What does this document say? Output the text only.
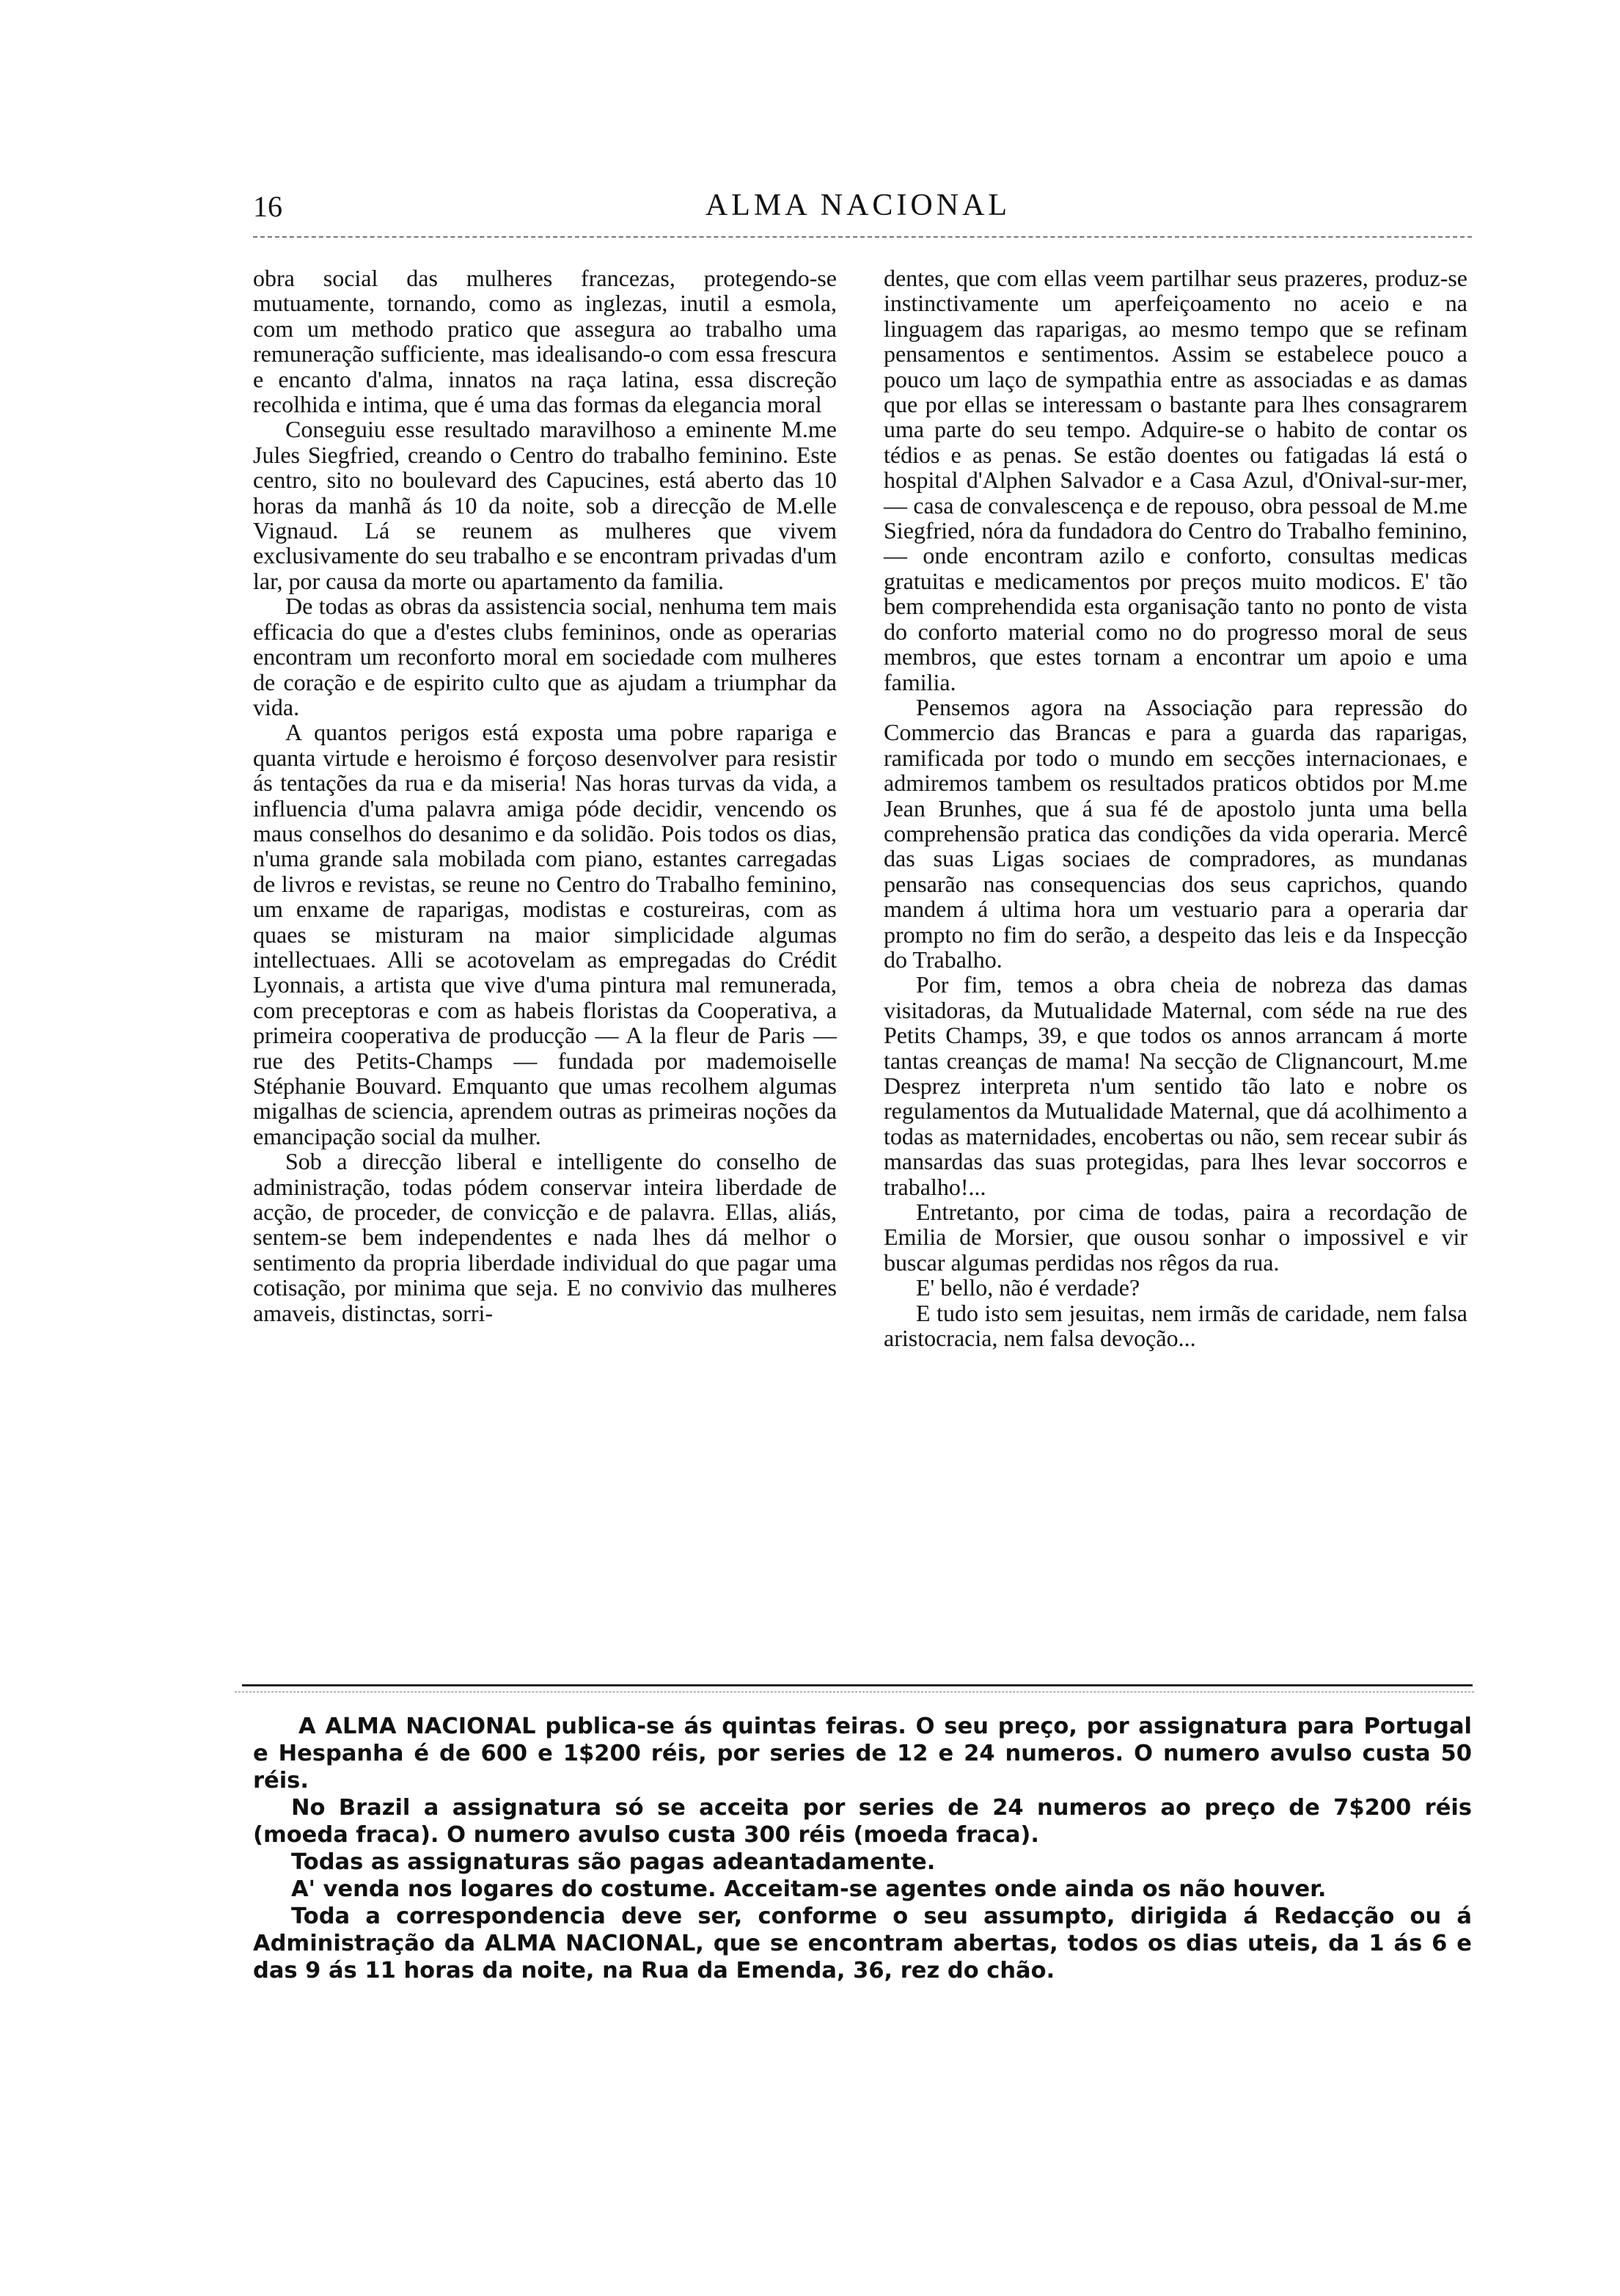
16	ALMA NACIONAL

obra social das mulheres francezas, protegendo-se mutuamente, tornando, como as inglezas, inutil a esmola, com um methodo pratico que assegura ao trabalho uma remuneração sufficiente, mas idealisando-o com essa frescura e encanto d'alma, innatos na raça latina, essa discreção recolhida e intima, que é uma das formas da elegancia moral

Conseguiu esse resultado maravilhoso a eminente M.me Jules Siegfried, creando o Centro do trabalho feminino. Este centro, sito no boulevard des Capucines, está aberto das 10 horas da manhã ás 10 da noite, sob a direcção de M.elle Vignaud. Lá se reunem as mulheres que vivem exclusivamente do seu trabalho e se encontram privadas d'um lar, por causa da morte ou apartamento da familia.

De todas as obras da assistencia social, nenhuma tem mais efficacia do que a d'estes clubs femininos, onde as operarias encontram um reconforto moral em sociedade com mulheres de coração e de espirito culto que as ajudam a triumphar da vida.

A quantos perigos está exposta uma pobre rapariga e quanta virtude e heroismo é forçoso desenvolver para resistir ás tentações da rua e da miseria! Nas horas turvas da vida, a influencia d'uma palavra amiga póde decidir, vencendo os maus conselhos do desanimo e da solidão. Pois todos os dias, n'uma grande sala mobilada com piano, estantes carregadas de livros e revistas, se reune no Centro do Trabalho feminino, um enxame de raparigas, modistas e costureiras, com as quaes se misturam na maior simplicidade algumas intellectuaes. Alli se acotovelam as empregadas do Crédit Lyonnais, a artista que vive d'uma pintura mal remunerada, com preceptoras e com as habeis floristas da Cooperativa, a primeira cooperativa de producção — A la fleur de Paris — rue des Petits-Champs — fundada por mademoiselle Stéphanie Bouvard. Emquanto que umas recolhem algumas migalhas de sciencia, aprendem outras as primeiras noções da emancipação social da mulher.

Sob a direcção liberal e intelligente do conselho de administração, todas pódem conservar inteira liberdade de acção, de proceder, de convicção e de palavra. Ellas, aliás, sentem-se bem independentes e nada lhes dá melhor o sentimento da propria liberdade individual do que pagar uma cotisação, por minima que seja. E no convivio das mulheres amaveis, distinctas, sorri-

dentes, que com ellas veem partilhar seus prazeres, produz-se instinctivamente um aperfeiçoamento no aceio e na linguagem das raparigas, ao mesmo tempo que se refinam pensamentos e sentimentos. Assim se estabelece pouco a pouco um laço de sympathia entre as associadas e as damas que por ellas se interessam o bastante para lhes consagrarem uma parte do seu tempo. Adquire-se o habito de contar os tédios e as penas. Se estão doentes ou fatigadas lá está o hospital d'Alphen Salvador e a Casa Azul, d'Onival-sur-mer, — casa de convalescença e de repouso, obra pessoal de M.me Siegfried, nóra da fundadora do Centro do Trabalho feminino, — onde encontram azilo e conforto, consultas medicas gratuitas e medicamentos por preços muito modicos. E' tão bem comprehendida esta organisação tanto no ponto de vista do conforto material como no do progresso moral de seus membros, que estes tornam a encontrar um apoio e uma familia.

Pensemos agora na Associação para repressão do Commercio das Brancas e para a guarda das raparigas, ramificada por todo o mundo em secções internacionaes, e admiremos tambem os resultados praticos obtidos por M.me Jean Brunhes, que á sua fé de apostolo junta uma bella comprehensão pratica das condições da vida operaria. Mercê das suas Ligas sociaes de compradores, as mundanas pensarão nas consequencias dos seus caprichos, quando mandem á ultima hora um vestuario para a operaria dar prompto no fim do serão, a despeito das leis e da Inspecção do Trabalho.

Por fim, temos a obra cheia de nobreza das damas visitadoras, da Mutualidade Maternal, com séde na rue des Petits Champs, 39, e que todos os annos arrancam á morte tantas creanças de mama! Na secção de Clignancourt, M.me Desprez interpreta n'um sentido tão lato e nobre os regulamentos da Mutualidade Maternal, que dá acolhimento a todas as maternidades, encobertas ou não, sem recear subir ás mansardas das suas protegidas, para lhes levar soccorros e trabalho!...

Entretanto, por cima de todas, paira a recordação de Emilia de Morsier, que ousou sonhar o impossivel e vir buscar algumas perdidas nos rêgos da rua.

E' bello, não é verdade?

E tudo isto sem jesuitas, nem irmãs de caridade, nem falsa aristocracia, nem falsa devoção...

A ALMA NACIONAL publica-se ás quintas feiras. O seu preço, por assignatura para Portugal e Hespanha é de 600 e 1$200 réis, por series de 12 e 24 numeros. O numero avulso custa 50 réis.

No Brazil a assignatura só se acceita por series de 24 numeros ao preço de 7$200 réis (moeda fraca). O numero avulso custa 300 réis (moeda fraca).

Todas as assignaturas são pagas adeantadamente.

A' venda nos logares do costume. Acceitam-se agentes onde ainda os não houver.

Toda a correspondencia deve ser, conforme o seu assumpto, dirigida á Redacção ou á Administração da ALMA NACIONAL, que se encontram abertas, todos os dias uteis, da 1 ás 6 e das 9 ás 11 horas da noite, na Rua da Emenda, 36, rez do chão.
